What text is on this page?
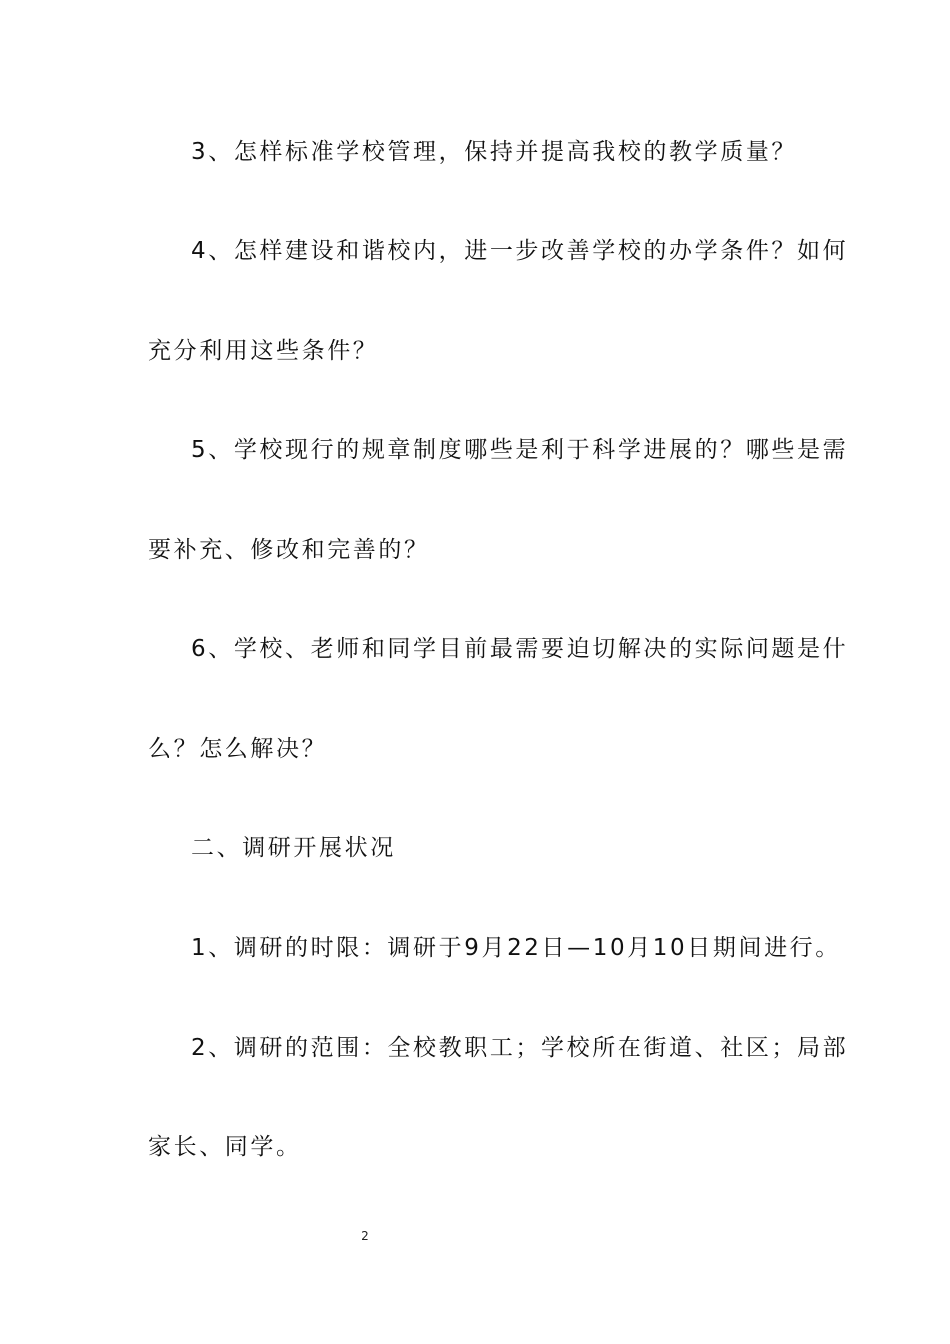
3、怎样标准学校管理，保持并提高我校的教学质量？
4、怎样建设和谐校内，进一步改善学校的办学条件？如何
充分利用这些条件？
5、学校现行的规章制度哪些是利于科学进展的？哪些是需
要补充、修改和完善的？
6、学校、老师和同学目前最需要迫切解决的实际问题是什
么？怎么解决？
二、调研开展状况
1、调研的时限：调研于9月22日—10月10日期间进行。
2、调研的范围：全校教职工；学校所在街道、社区；局部
家长、同学。
2
